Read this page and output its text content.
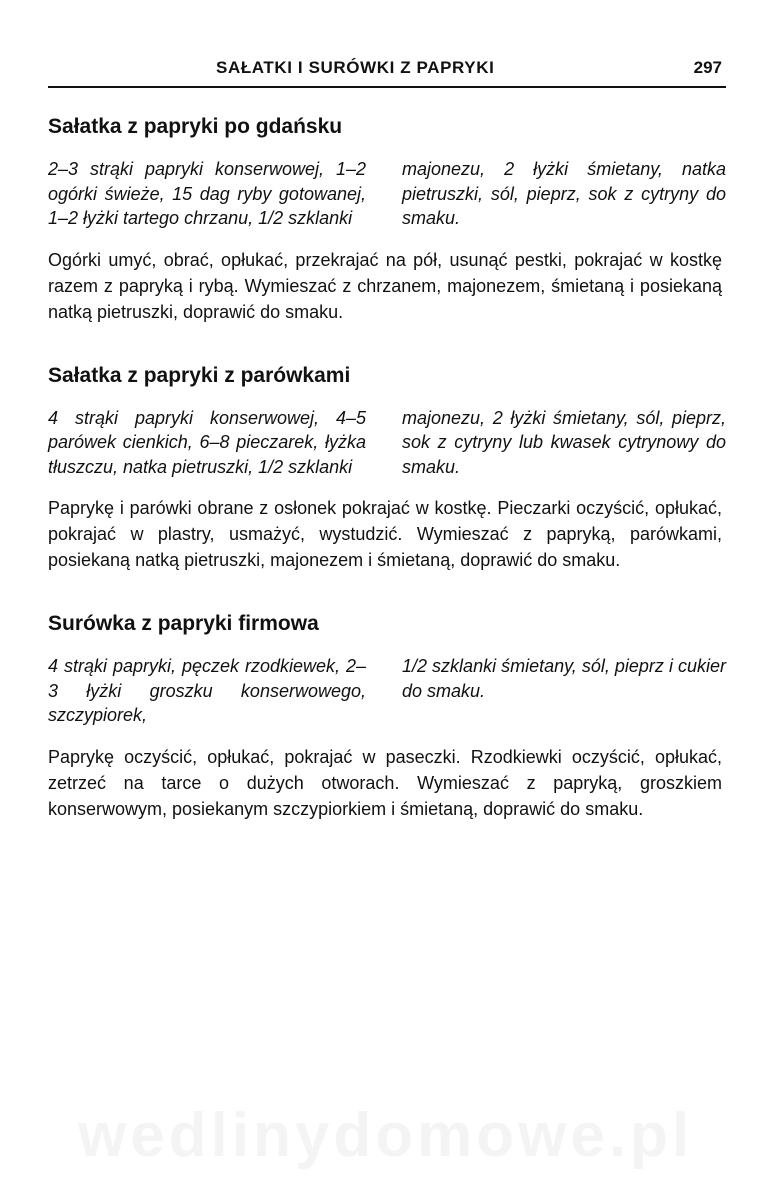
wedlinydomowe.pl
SAŁATKI I SURÓWKI Z PAPRYKI	297
Sałatka z papryki po gdańsku
2–3 strąki papryki konserwowej, 1–2 ogórki świeże, 15 dag ryby gotowanej, 1–2 łyżki tartego chrzanu, 1/2 szklanki
majonezu, 2 łyżki śmietany, natka pietruszki, sól, pieprz, sok z cytryny do smaku.

Ogórki umyć, obrać, opłukać, przekrajać na pół, usunąć pestki, pokrajać w kostkę razem z papryką i rybą. Wymieszać z chrzanem, majonezem, śmietaną i posiekaną natką pietruszki, doprawić do smaku.

Sałatka z papryki z parówkami
4 strąki papryki konserwowej, 4–5 parówek cienkich, 6–8 pieczarek, łyżka tłuszczu, natka pietruszki, 1/2 szklanki
majonezu, 2 łyżki śmietany, sól, pieprz, sok z cytryny lub kwasek cytrynowy do smaku.

Paprykę i parówki obrane z osłonek pokrajać w kostkę. Pieczarki oczyścić, opłukać, pokrajać w plastry, usmażyć, wystudzić. Wymieszać z papryką, parówkami, posiekaną natką pietruszki, majonezem i śmietaną, doprawić do smaku.

Surówka z papryki firmowa
4 strąki papryki, pęczek rzodkiewek, 2–3 łyżki groszku konserwowego, szczypiorek,
1/2 szklanki śmietany, sól, pieprz i cukier do smaku.

Paprykę oczyścić, opłukać, pokrajać w paseczki. Rzodkiewki oczyścić, opłukać, zetrzeć na tarce o dużych otworach. Wymieszać z papryką, groszkiem konserwowym, posiekanym szczypiorkiem i śmietaną, doprawić do smaku.
